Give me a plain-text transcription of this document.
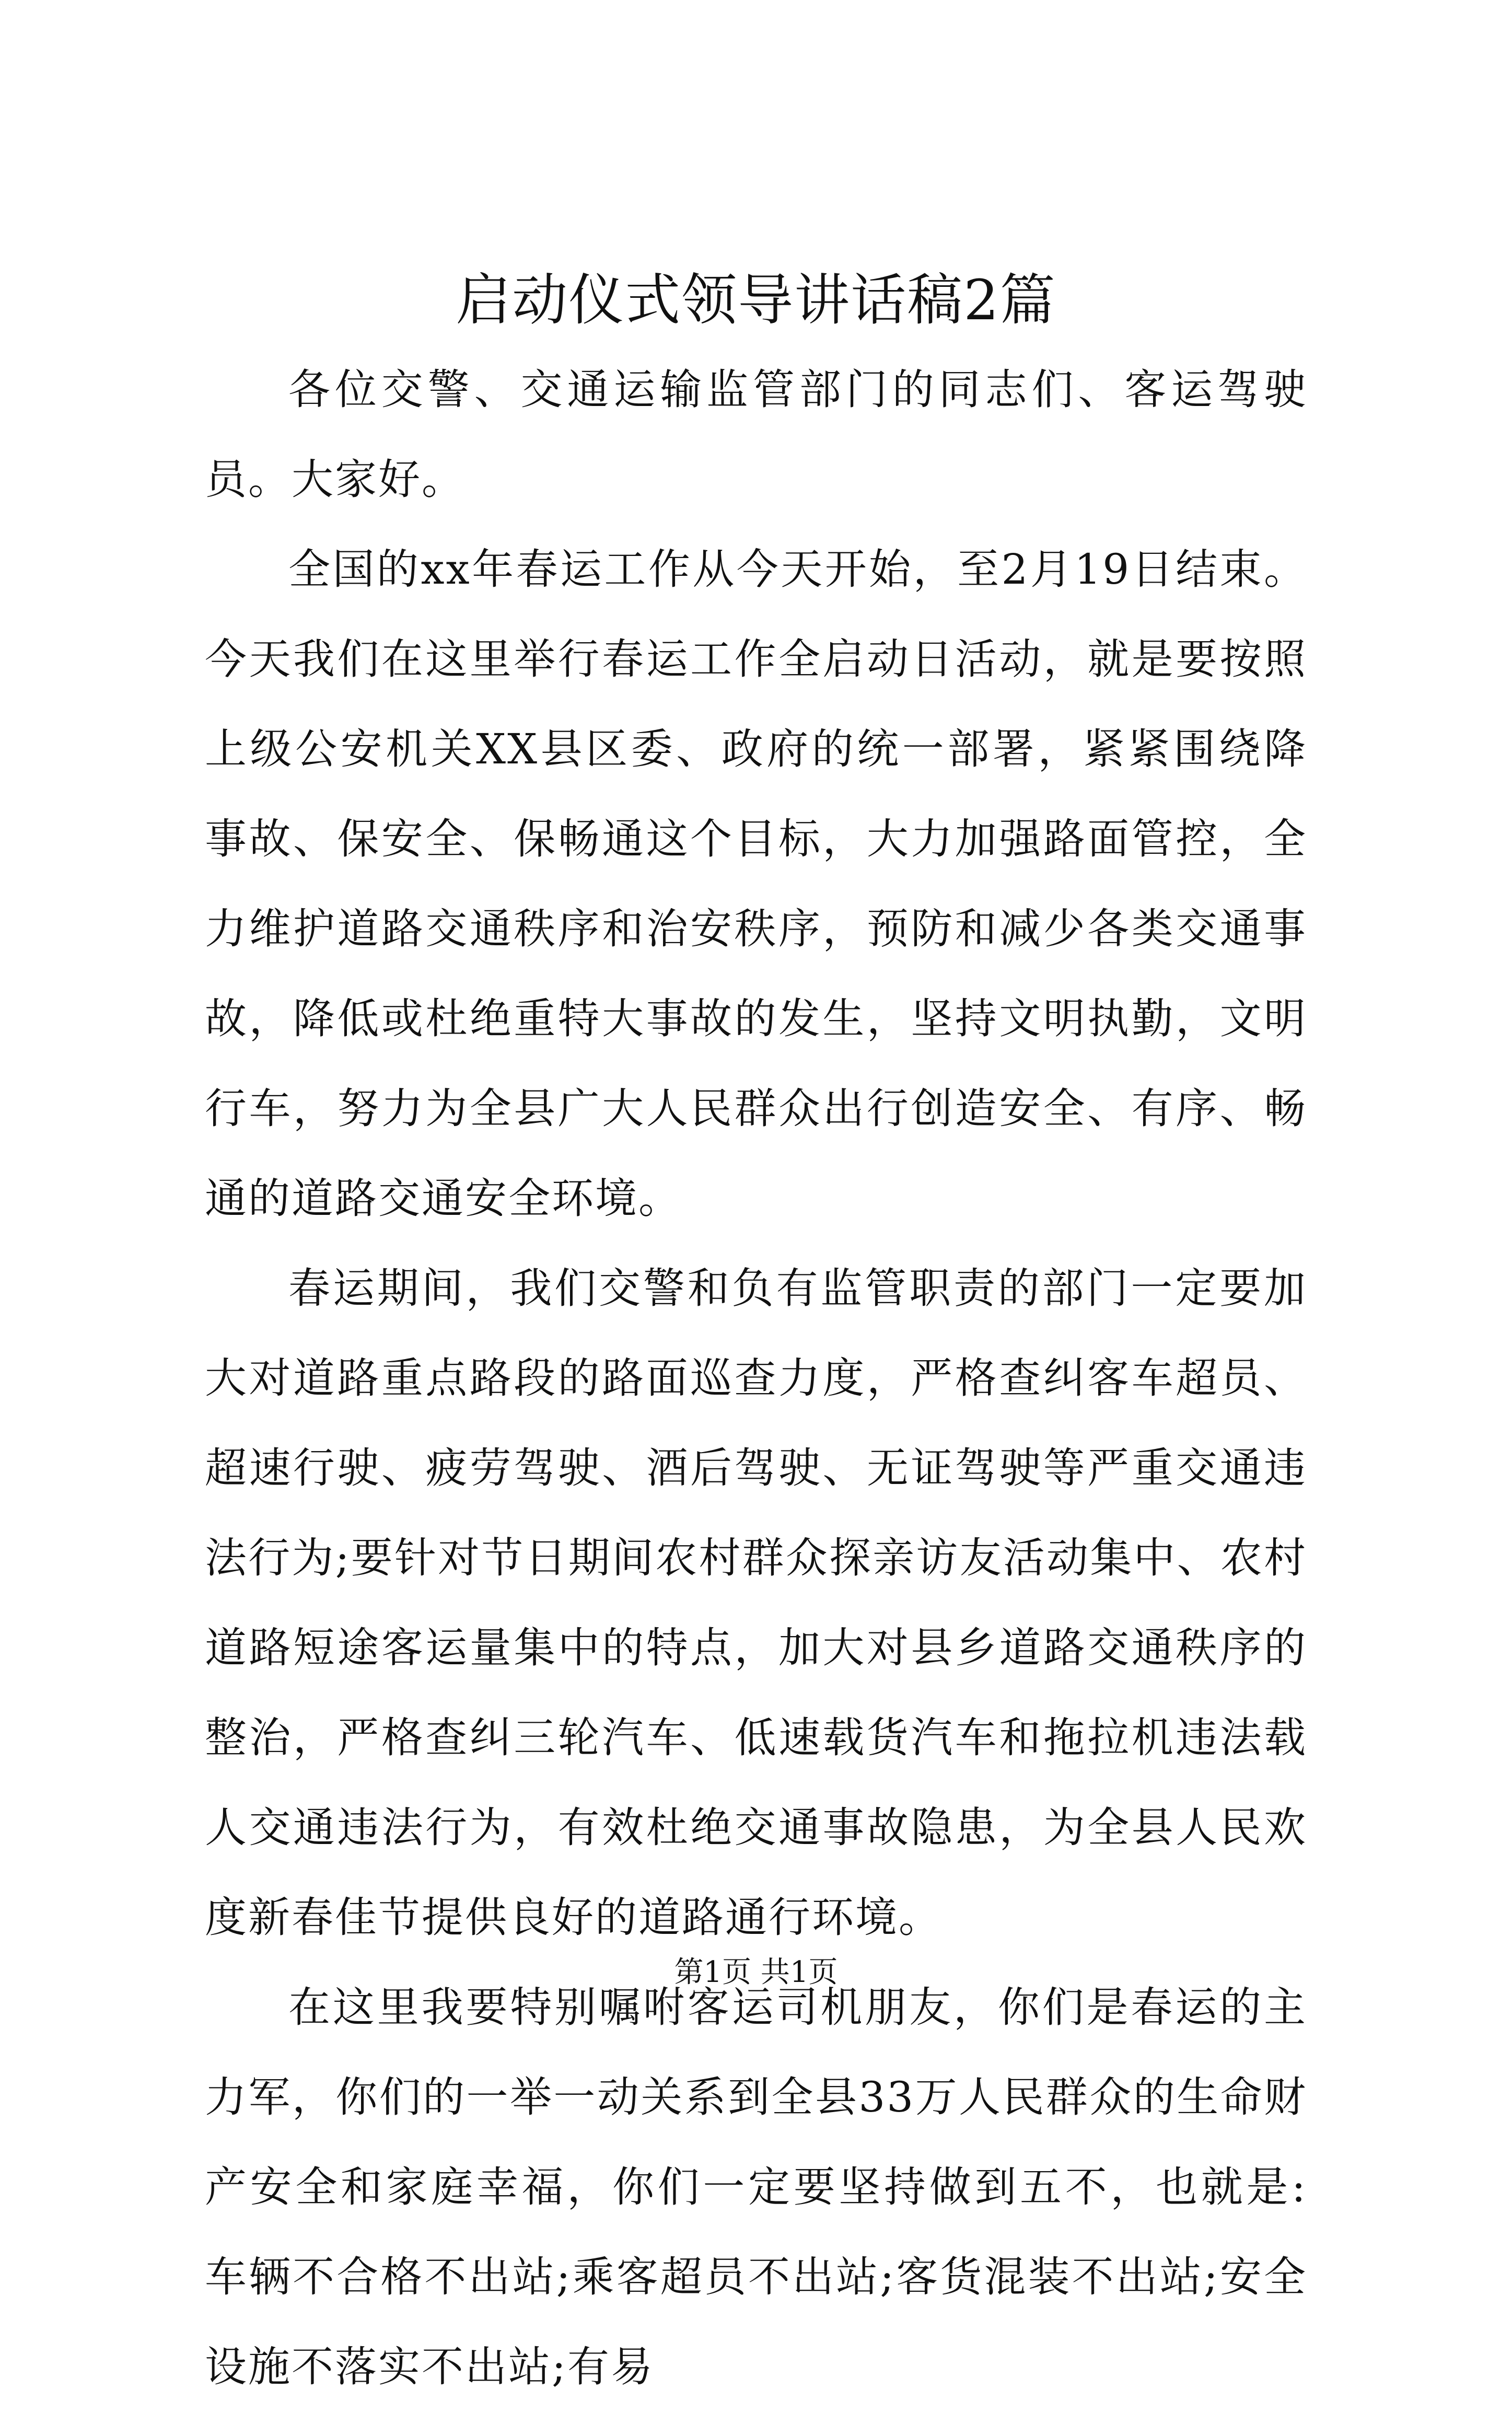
启动仪式领导讲话稿2篇

各位交警、交通运输监管部门的同志们、客运驾驶员。大家好。

全国的xx年春运工作从今天开始，至2月19日结束。今天我们在这里举行春运工作全启动日活动，就是要按照上级公安机关XX县区委、政府的统一部署，紧紧围绕降事故、保安全、保畅通这个目标，大力加强路面管控，全力维护道路交通秩序和治安秩序，预防和减少各类交通事故，降低或杜绝重特大事故的发生，坚持文明执勤，文明行车，努力为全县广大人民群众出行创造安全、有序、畅通的道路交通安全环境。

春运期间，我们交警和负有监管职责的部门一定要加大对道路重点路段的路面巡查力度，严格查纠客车超员、超速行驶、疲劳驾驶、酒后驾驶、无证驾驶等严重交通违法行为;要针对节日期间农村群众探亲访友活动集中、农村道路短途客运量集中的特点，加大对县乡道路交通秩序的整治，严格查纠三轮汽车、低速载货汽车和拖拉机违法载人交通违法行为，有效杜绝交通事故隐患，为全县人民欢度新春佳节提供良好的道路通行环境。

在这里我要特别嘱咐客运司机朋友，你们是春运的主力军，你们的一举一动关系到全县33万人民群众的生命财产安全和家庭幸福，你们一定要坚持做到五不，也就是: 车辆不合格不出站;乘客超员不出站;客货混装不出站;安全设施不落实不出站;有易

第1页 共1页
